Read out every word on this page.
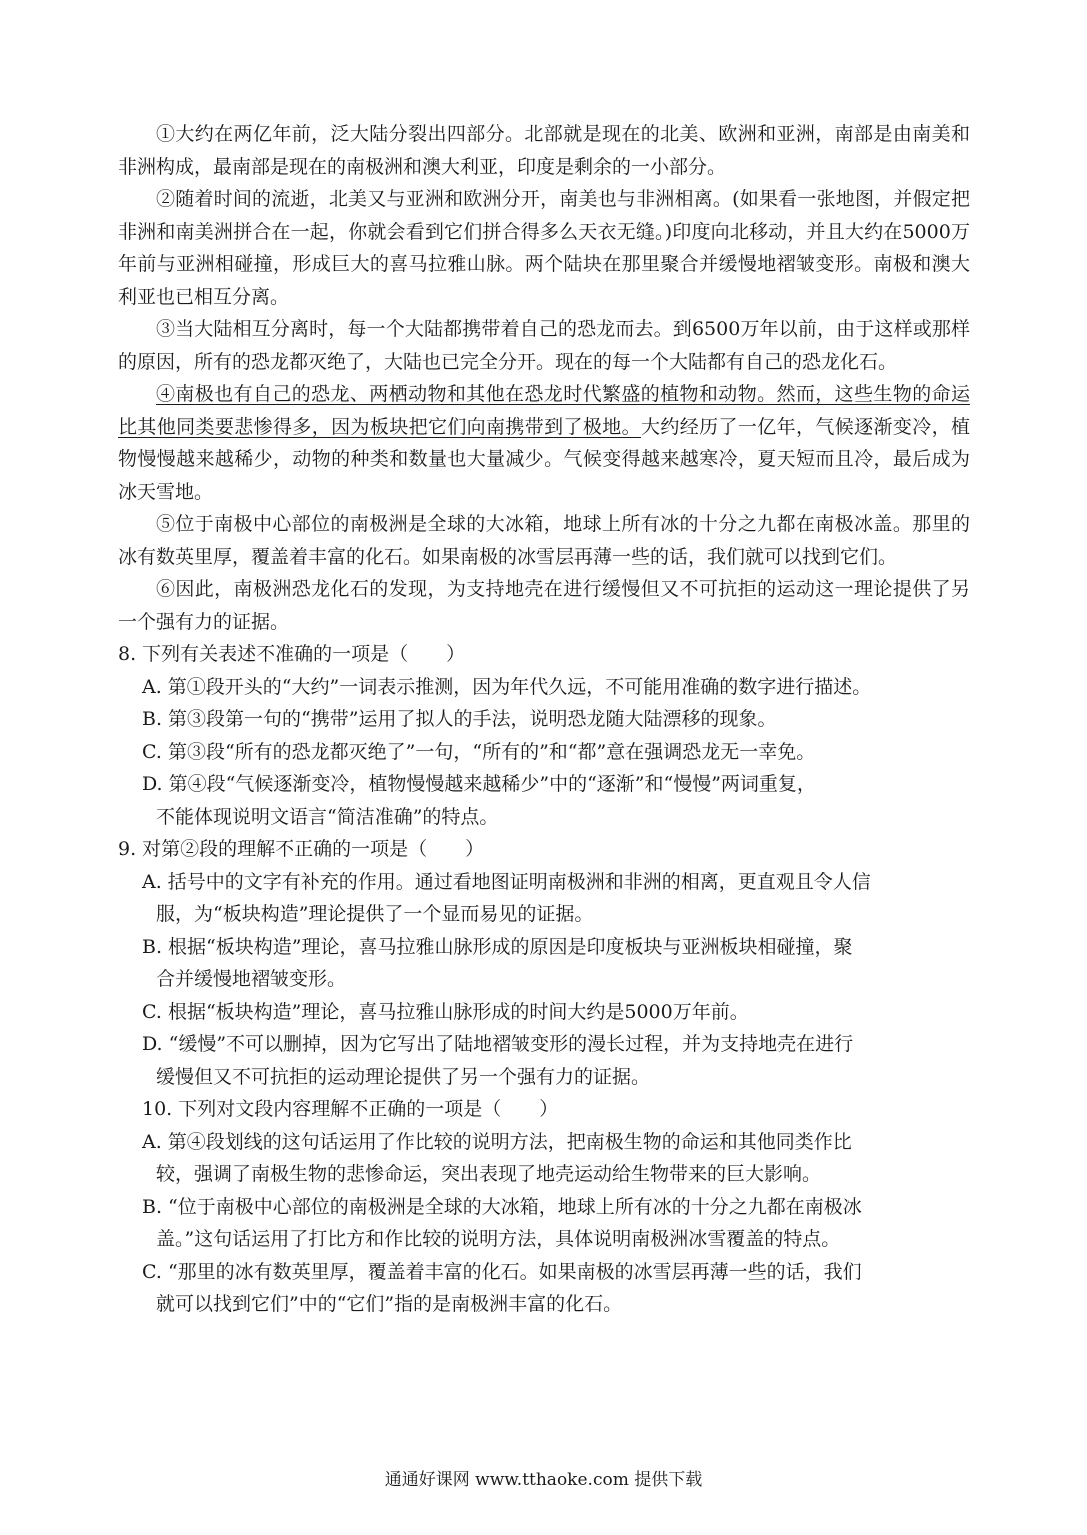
①大约在两亿年前，泛大陆分裂出四部分。北部就是现在的北美、欧洲和亚洲，南部是由南美和非洲构成，最南部是现在的南极洲和澳大利亚，印度是剩余的一小部分。

②随着时间的流逝，北美又与亚洲和欧洲分开，南美也与非洲相离。(如果看一张地图，并假定把非洲和南美洲拼合在一起，你就会看到它们拼合得多么天衣无缝。)印度向北移动，并且大约在5000万年前与亚洲相碰撞，形成巨大的喜马拉雅山脉。两个陆块在那里聚合并缓慢地褶皱变形。南极和澳大利亚也已相互分离。

③当大陆相互分离时，每一个大陆都携带着自己的恐龙而去。到6500万年以前，由于这样或那样的原因，所有的恐龙都灭绝了，大陆也已完全分开。现在的每一个大陆都有自己的恐龙化石。

④南极也有自己的恐龙、两栖动物和其他在恐龙时代繁盛的植物和动物。然而，这些生物的命运比其他同类要悲惨得多，因为板块把它们向南携带到了极地。大约经历了一亿年，气候逐渐变冷，植物慢慢越来越稀少，动物的种类和数量也大量减少。气候变得越来越寒冷，夏天短而且冷，最后成为冰天雪地。

⑤位于南极中心部位的南极洲是全球的大冰箱，地球上所有冰的十分之九都在南极冰盖。那里的冰有数英里厚，覆盖着丰富的化石。如果南极的冰雪层再薄一些的话，我们就可以找到它们。

⑥因此，南极洲恐龙化石的发现，为支持地壳在进行缓慢但又不可抗拒的运动这一理论提供了另一个强有力的证据。

8. 下列有关表述不准确的一项是（　　）

A. 第①段开头的“大约”一词表示推测，因为年代久远，不可能用准确的数字进行描述。

B. 第③段第一句的“携带”运用了拟人的手法，说明恐龙随大陆漂移的现象。

C. 第③段“所有的恐龙都灭绝了”一句，“所有的”和“都”意在强调恐龙无一幸免。

D. 第④段“气候逐渐变冷，植物慢慢越来越稀少”中的“逐渐”和“慢慢”两词重复，

不能体现说明文语言“简洁准确”的特点。

9. 对第②段的理解不正确的一项是（　　）

A. 括号中的文字有补充的作用。通过看地图证明南极洲和非洲的相离，更直观且令人信

服，为“板块构造”理论提供了一个显而易见的证据。

B. 根据“板块构造”理论，喜马拉雅山脉形成的原因是印度板块与亚洲板块相碰撞，聚

合并缓慢地褶皱变形。

C. 根据“板块构造”理论，喜马拉雅山脉形成的时间大约是5000万年前。

D. “缓慢”不可以删掉，因为它写出了陆地褶皱变形的漫长过程，并为支持地壳在进行

缓慢但又不可抗拒的运动理论提供了另一个强有力的证据。

10. 下列对文段内容理解不正确的一项是（　　）

A. 第④段划线的这句话运用了作比较的说明方法，把南极生物的命运和其他同类作比

较，强调了南极生物的悲惨命运，突出表现了地壳运动给生物带来的巨大影响。

B. “位于南极中心部位的南极洲是全球的大冰箱，地球上所有冰的十分之九都在南极冰

盖。”这句话运用了打比方和作比较的说明方法，具体说明南极洲冰雪覆盖的特点。

C. “那里的冰有数英里厚，覆盖着丰富的化石。如果南极的冰雪层再薄一些的话，我们

就可以找到它们”中的“它们”指的是南极洲丰富的化石。

通通好课网 www.tthaoke.com 提供下载
